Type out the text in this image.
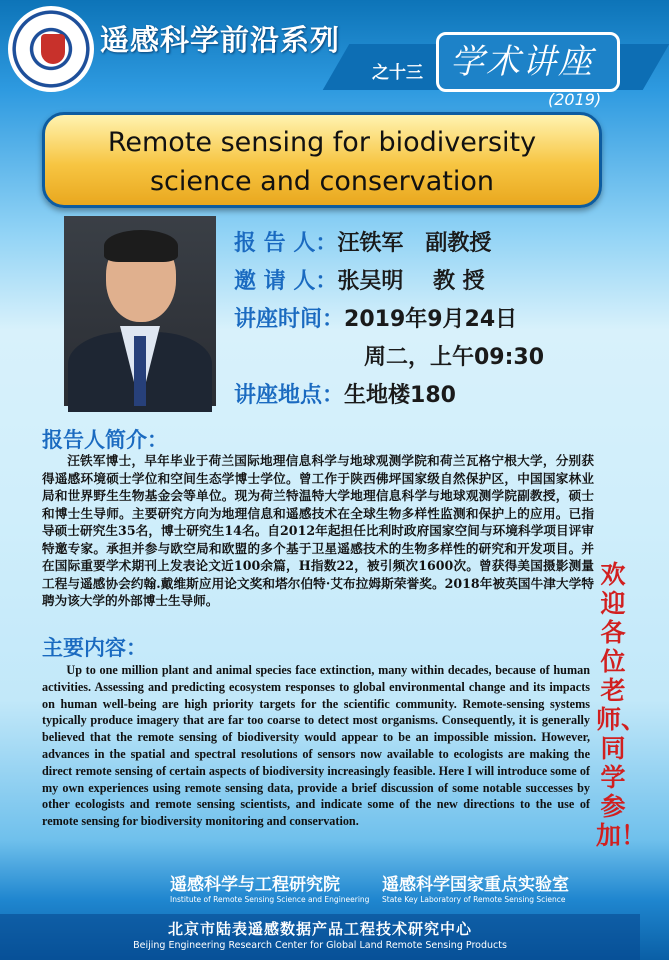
遥感科学前沿系列
之十三 学术讲座
(2019)
Remote sensing for biodiversity
science and conservation
报 告 人：汪铁军　副教授
邀 请 人：张吴明　 教 授
讲座时间：2019年9月24日
周二，上午09:30
讲座地点：生地楼180
报告人简介：
汪铁军博士，早年毕业于荷兰国际地理信息科学与地球观测学院和荷兰瓦格宁根大学，分别获得遥感环境硕士学位和空间生态学博士学位。曾工作于陕西佛坪国家级自然保护区，中国国家林业局和世界野生生物基金会等单位。现为荷兰特温特大学地理信息科学与地球观测学院副教授，硕士和博士生导师。主要研究方向为地理信息和遥感技术在全球生物多样性监测和保护上的应用。已指导硕士研究生35名，博士研究生14名。自2012年起担任比利时政府国家空间与环境科学项目评审特邀专家。承担并参与欧空局和欧盟的多个基于卫星遥感技术的生物多样性的研究和开发项目。并在国际重要学术期刊上发表论文近100余篇，H指数22，被引频次1600次。曾获得美国摄影测量工程与遥感协会约翰.戴维斯应用论文奖和塔尔伯特·艾布拉姆斯荣誉奖。2018年被英国牛津大学特聘为该大学的外部博士生导师。
主要内容：
Up to one million plant and animal species face extinction, many within decades, because of human activities. Assessing and predicting ecosystem responses to global environmental change and its impacts on human well-being are high priority targets for the scientific community. Remote-sensing systems typically produce imagery that are far too coarse to detect most organisms. Consequently, it is generally believed that the remote sensing of biodiversity would appear to be an impossible mission. However, advances in the spatial and spectral resolutions of sensors now available to ecologists are making the direct remote sensing of certain aspects of biodiversity increasingly feasible. Here I will introduce some of my own experiences using remote sensing data, provide a brief discussion of some notable successes by other ecologists and remote sensing scientists, and indicate some of the new directions to the use of remote sensing for biodiversity monitoring and conservation.
欢迎各位老师、同学参加！
遥感科学与工程研究院
Institute of Remote Sensing Science and Engineering
遥感科学国家重点实验室
State Key Laboratory of Remote Sensing Science
北京市陆表遥感数据产品工程技术研究中心
Beijing Engineering Research Center for Global Land Remote Sensing Products
